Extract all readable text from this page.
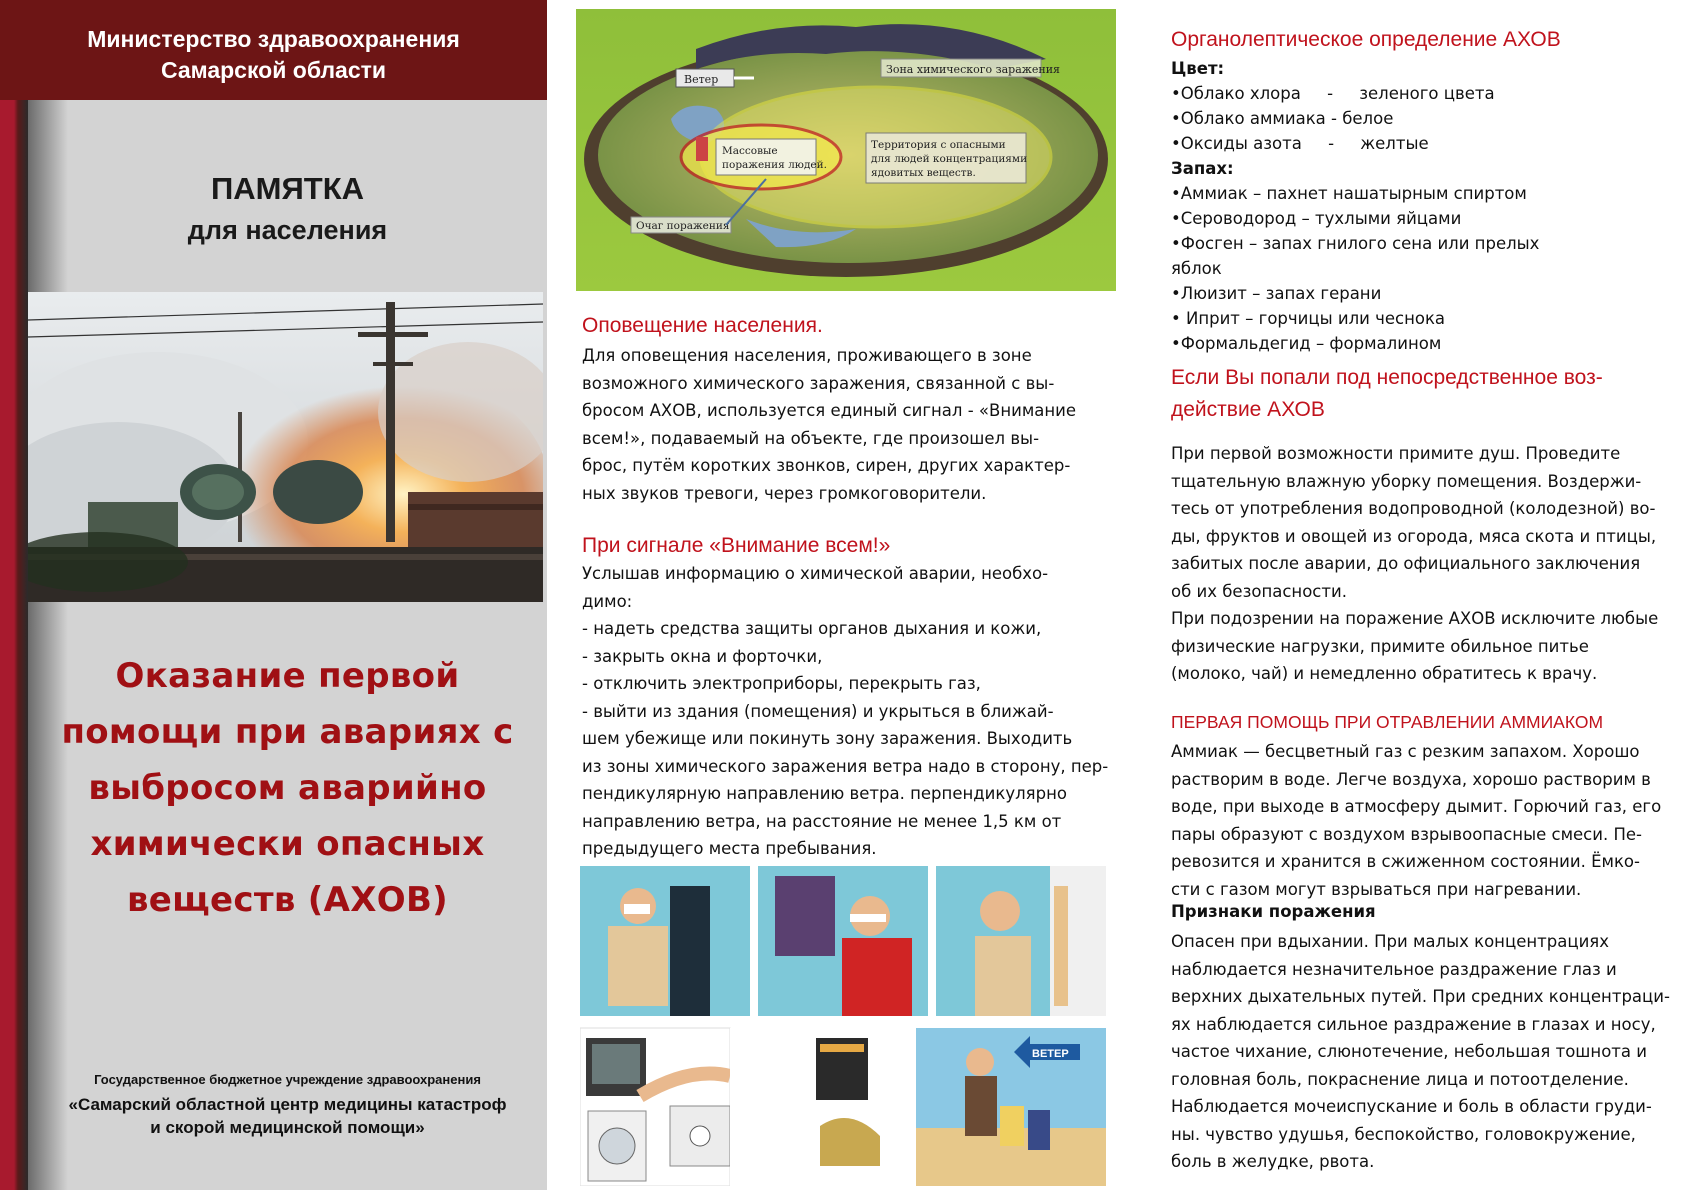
Министерство здравоохранения
Самарской области
ПАМЯТКА
для населения
Оказание первой
помощи при авариях с
выбросом аварийно
химически опасных
веществ (АХОВ)
Государственное бюджетное учреждение здравоохранения
«Самарский областной центр медицины катастроф
и скорой медицинской помощи»
Ветер
Зона химического заражения
Массовые поражения людей.
Территория с опасными для людей концентрациями ядовитых веществ.
Очаг поражения
Оповещение населения.
Для оповещения населения, проживающего в зоне
возможного химического заражения, связанной с вы-
бросом АХОВ, используется единый сигнал - «Внимание
всем!», подаваемый на объекте, где произошел вы-
брос, путём коротких звонков, сирен, других характер-
ных звуков тревоги, через громкоговорители.
При сигнале «Внимание всем!»
Услышав информацию о химической аварии, необхо-
димо:
- надеть средства защиты органов дыхания и кожи,
- закрыть окна и форточки,
- отключить электроприборы, перекрыть газ,
- выйти из здания (помещения) и укрыться в ближай-
шем убежище или покинуть зону заражения. Выходить
из зоны химического заражения ветра надо в сторону, пер-
пендикулярную направлению ветра. перпендикулярно
направлению ветра, на расстояние не менее 1,5 км от
предыдущего места пребывания.
ВЕТЕР
Органолептическое определение АХОВ
Цвет:
•Облако хлора     -     зеленого цвета
•Облако аммиака - белое
•Оксиды азота     -     желтые
Запах:
•Аммиак – пахнет нашатырным спиртом
•Сероводород – тухлыми яйцами
•Фосген – запах гнилого сена или прелых яблок
•Люизит – запах герани
• Иприт – горчицы или чеснока
•Формальдегид – формалином
Если Вы попали под непосредственное воз-
действие АХОВ
При первой возможности примите душ. Проведите
тщательную влажную уборку помещения. Воздержи-
тесь от употребления водопроводной (колодезной) во-
ды, фруктов и овощей из огорода, мяса скота и птицы,
забитых после аварии, до официального заключения
об их безопасности.
При подозрении на поражение АХОВ исключите любые
физические нагрузки, примите обильное питье
(молоко, чай) и немедленно обратитесь к врачу.
ПЕРВАЯ ПОМОЩЬ ПРИ ОТРАВЛЕНИИ АММИАКОМ
Аммиак — бесцветный газ с резким запахом. Хорошо
растворим в воде. Легче воздуха, хорошо растворим в
воде, при выходе в атмосферу дымит. Горючий газ, его
пары образуют с воздухом взрывоопасные смеси. Пе-
ревозится и хранится в сжиженном состоянии. Ёмко-
сти с газом могут взрываться при нагревании.
Признаки поражения
Опасен при вдыхании. При малых концентрациях
наблюдается незначительное раздражение глаз и
верхних дыхательных путей. При средних концентраци-
ях наблюдается сильное раздражение в глазах и носу,
частое чихание, слюнотечение, небольшая тошнота и
головная боль, покраснение лица и потоотделение.
Наблюдается мочеиспускание и боль в области груди-
ны. чувство удушья, беспокойство, головокружение,
боль в желудке, рвота.
